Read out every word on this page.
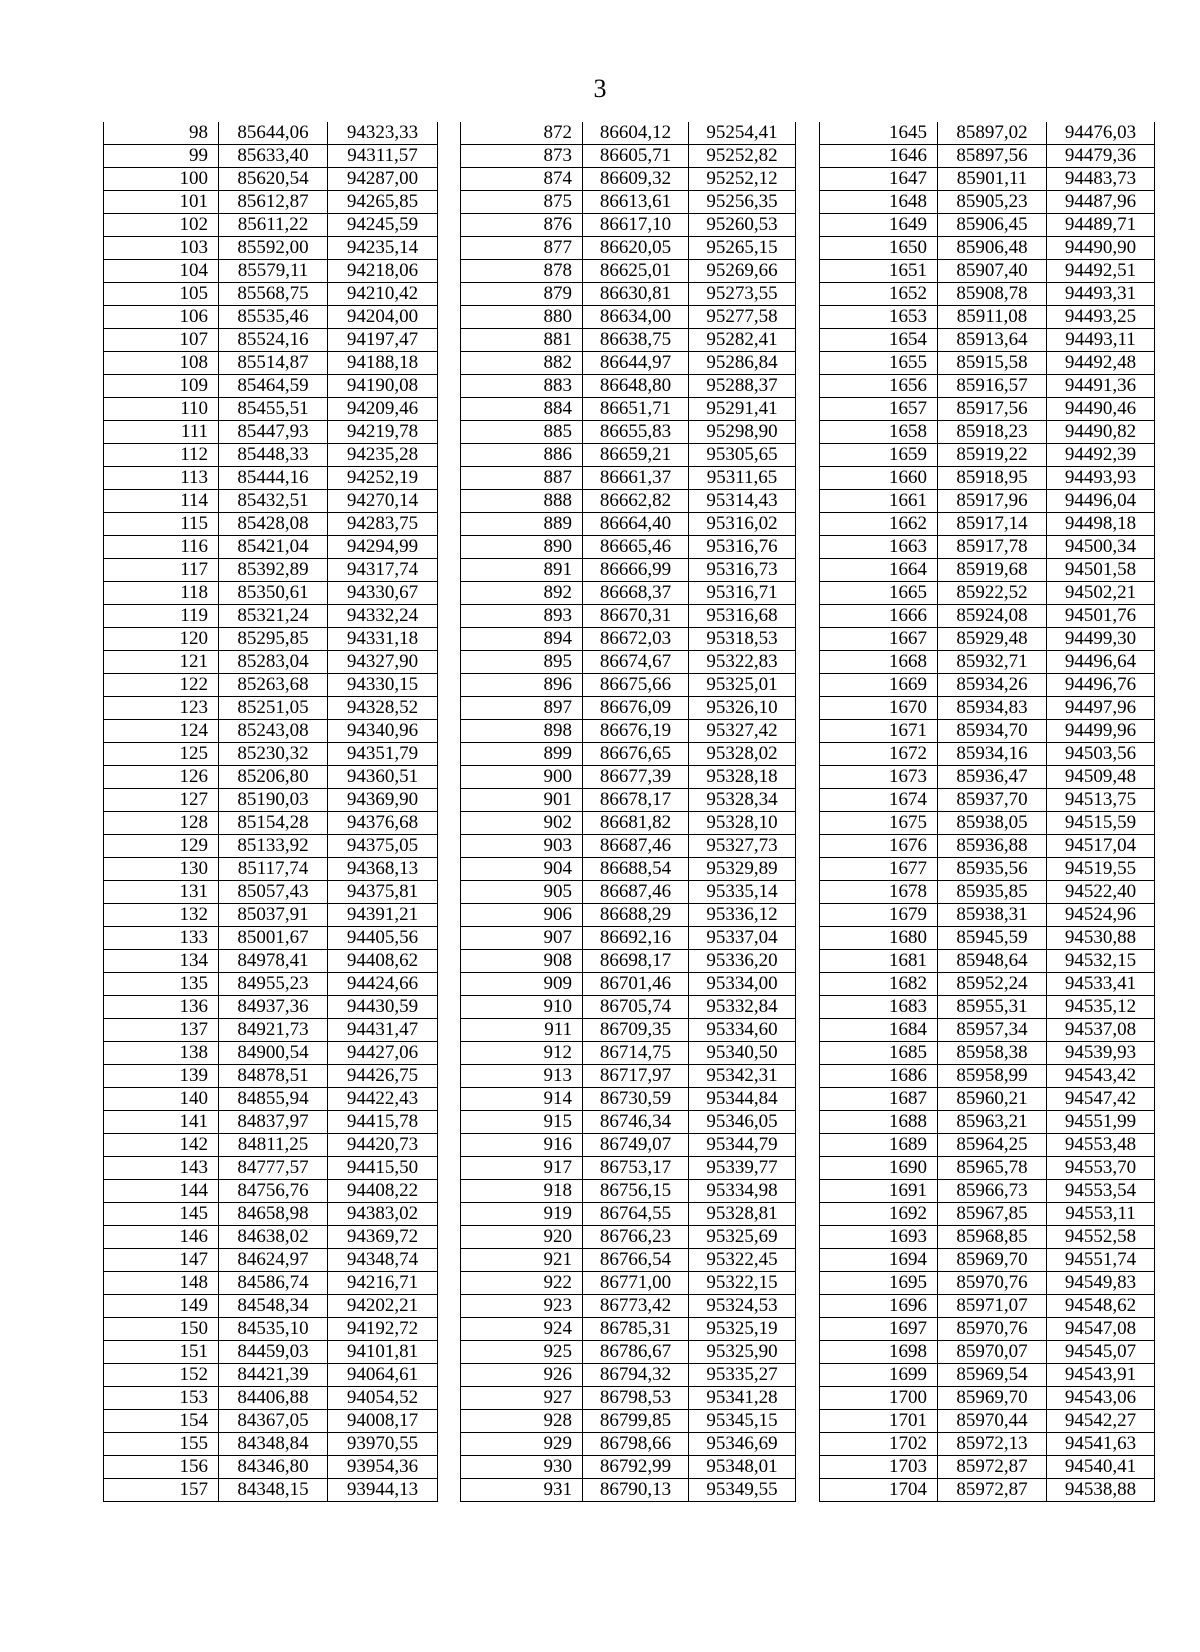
3
98	85644,06	94323,33
99	85633,40	94311,57
100	85620,54	94287,00
101	85612,87	94265,85
102	85611,22	94245,59
103	85592,00	94235,14
104	85579,11	94218,06
105	85568,75	94210,42
106	85535,46	94204,00
107	85524,16	94197,47
108	85514,87	94188,18
109	85464,59	94190,08
110	85455,51	94209,46
111	85447,93	94219,78
112	85448,33	94235,28
113	85444,16	94252,19
114	85432,51	94270,14
115	85428,08	94283,75
116	85421,04	94294,99
117	85392,89	94317,74
118	85350,61	94330,67
119	85321,24	94332,24
120	85295,85	94331,18
121	85283,04	94327,90
122	85263,68	94330,15
123	85251,05	94328,52
124	85243,08	94340,96
125	85230,32	94351,79
126	85206,80	94360,51
127	85190,03	94369,90
128	85154,28	94376,68
129	85133,92	94375,05
130	85117,74	94368,13
131	85057,43	94375,81
132	85037,91	94391,21
133	85001,67	94405,56
134	84978,41	94408,62
135	84955,23	94424,66
136	84937,36	94430,59
137	84921,73	94431,47
138	84900,54	94427,06
139	84878,51	94426,75
140	84855,94	94422,43
141	84837,97	94415,78
142	84811,25	94420,73
143	84777,57	94415,50
144	84756,76	94408,22
145	84658,98	94383,02
146	84638,02	94369,72
147	84624,97	94348,74
148	84586,74	94216,71
149	84548,34	94202,21
150	84535,10	94192,72
151	84459,03	94101,81
152	84421,39	94064,61
153	84406,88	94054,52
154	84367,05	94008,17
155	84348,84	93970,55
156	84346,80	93954,36
157	84348,15	93944,13
872	86604,12	95254,41
873	86605,71	95252,82
874	86609,32	95252,12
875	86613,61	95256,35
876	86617,10	95260,53
877	86620,05	95265,15
878	86625,01	95269,66
879	86630,81	95273,55
880	86634,00	95277,58
881	86638,75	95282,41
882	86644,97	95286,84
883	86648,80	95288,37
884	86651,71	95291,41
885	86655,83	95298,90
886	86659,21	95305,65
887	86661,37	95311,65
888	86662,82	95314,43
889	86664,40	95316,02
890	86665,46	95316,76
891	86666,99	95316,73
892	86668,37	95316,71
893	86670,31	95316,68
894	86672,03	95318,53
895	86674,67	95322,83
896	86675,66	95325,01
897	86676,09	95326,10
898	86676,19	95327,42
899	86676,65	95328,02
900	86677,39	95328,18
901	86678,17	95328,34
902	86681,82	95328,10
903	86687,46	95327,73
904	86688,54	95329,89
905	86687,46	95335,14
906	86688,29	95336,12
907	86692,16	95337,04
908	86698,17	95336,20
909	86701,46	95334,00
910	86705,74	95332,84
911	86709,35	95334,60
912	86714,75	95340,50
913	86717,97	95342,31
914	86730,59	95344,84
915	86746,34	95346,05
916	86749,07	95344,79
917	86753,17	95339,77
918	86756,15	95334,98
919	86764,55	95328,81
920	86766,23	95325,69
921	86766,54	95322,45
922	86771,00	95322,15
923	86773,42	95324,53
924	86785,31	95325,19
925	86786,67	95325,90
926	86794,32	95335,27
927	86798,53	95341,28
928	86799,85	95345,15
929	86798,66	95346,69
930	86792,99	95348,01
931	86790,13	95349,55
1645	85897,02	94476,03
1646	85897,56	94479,36
1647	85901,11	94483,73
1648	85905,23	94487,96
1649	85906,45	94489,71
1650	85906,48	94490,90
1651	85907,40	94492,51
1652	85908,78	94493,31
1653	85911,08	94493,25
1654	85913,64	94493,11
1655	85915,58	94492,48
1656	85916,57	94491,36
1657	85917,56	94490,46
1658	85918,23	94490,82
1659	85919,22	94492,39
1660	85918,95	94493,93
1661	85917,96	94496,04
1662	85917,14	94498,18
1663	85917,78	94500,34
1664	85919,68	94501,58
1665	85922,52	94502,21
1666	85924,08	94501,76
1667	85929,48	94499,30
1668	85932,71	94496,64
1669	85934,26	94496,76
1670	85934,83	94497,96
1671	85934,70	94499,96
1672	85934,16	94503,56
1673	85936,47	94509,48
1674	85937,70	94513,75
1675	85938,05	94515,59
1676	85936,88	94517,04
1677	85935,56	94519,55
1678	85935,85	94522,40
1679	85938,31	94524,96
1680	85945,59	94530,88
1681	85948,64	94532,15
1682	85952,24	94533,41
1683	85955,31	94535,12
1684	85957,34	94537,08
1685	85958,38	94539,93
1686	85958,99	94543,42
1687	85960,21	94547,42
1688	85963,21	94551,99
1689	85964,25	94553,48
1690	85965,78	94553,70
1691	85966,73	94553,54
1692	85967,85	94553,11
1693	85968,85	94552,58
1694	85969,70	94551,74
1695	85970,76	94549,83
1696	85971,07	94548,62
1697	85970,76	94547,08
1698	85970,07	94545,07
1699	85969,54	94543,91
1700	85969,70	94543,06
1701	85970,44	94542,27
1702	85972,13	94541,63
1703	85972,87	94540,41
1704	85972,87	94538,88
